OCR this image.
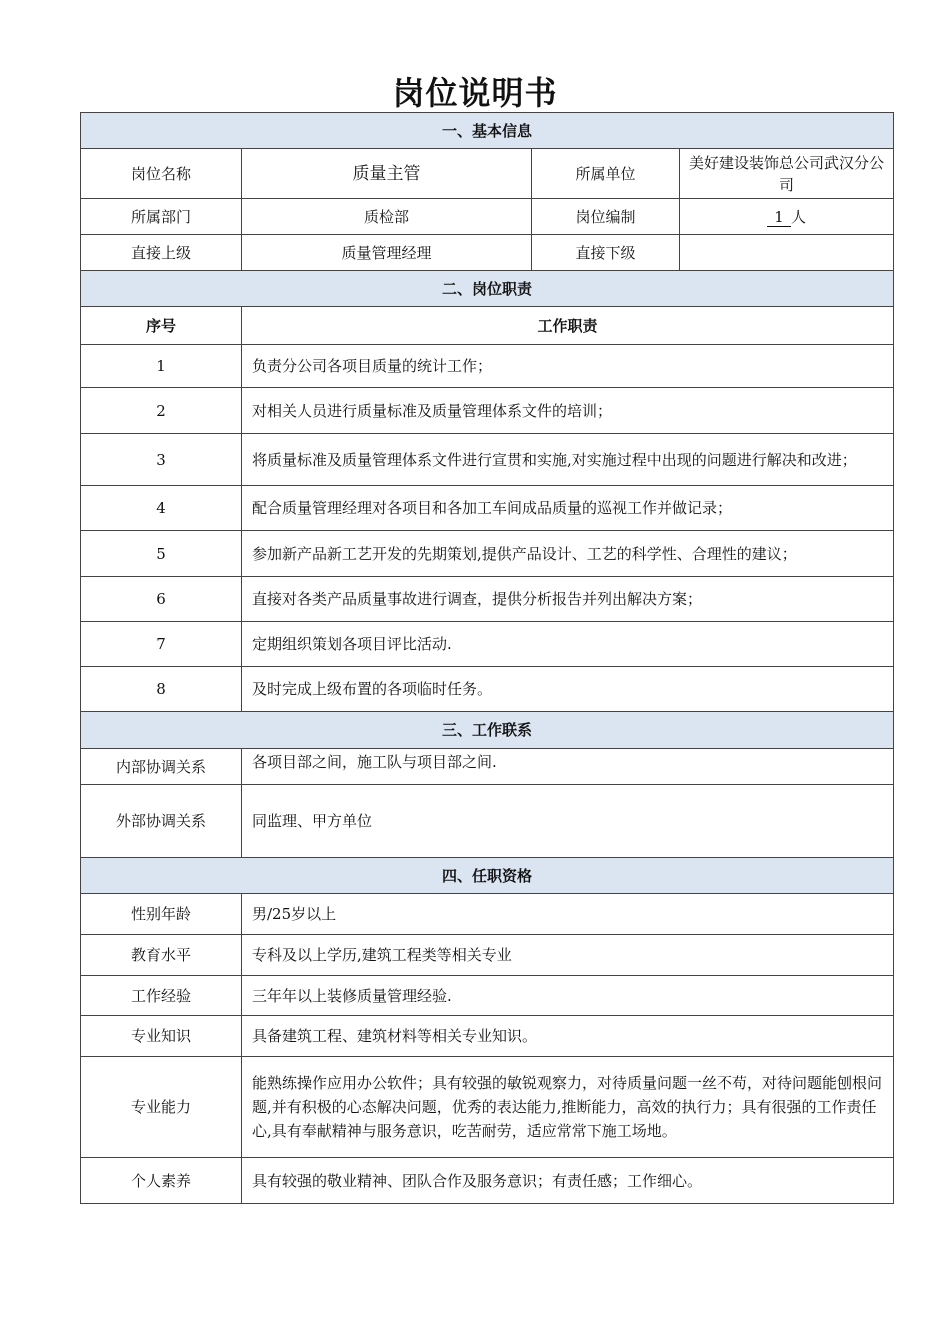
岗位说明书
一、基本信息			
岗位名称	质量主管	所属单位	美好建设装饰总公司武汉分公司
所属部门	质检部	岗位编制	1 人
直接上级	质量管理经理	直接下级	
二、岗位职责			
序号	工作职责		
1	负责分公司各项目质量的统计工作；		
2	对相关人员进行质量标准及质量管理体系文件的培训；		
3	将质量标准及质量管理体系文件进行宣贯和实施,对实施过程中出现的问题进行解决和改进；		
4	配合质量管理经理对各项目和各加工车间成品质量的巡视工作并做记录；		
5	参加新产品新工艺开发的先期策划,提供产品设计、工艺的科学性、合理性的建议；		
6	直接对各类产品质量事故进行调查，提供分析报告并列出解决方案；		
7	定期组织策划各项目评比活动.		
8	及时完成上级布置的各项临时任务。		
三、工作联系			
内部协调关系	各项目部之间，施工队与项目部之间.		
外部协调关系	同监理、甲方单位		
四、任职资格			
性别年龄	男/25岁以上		
教育水平	专科及以上学历,建筑工程类等相关专业		
工作经验	三年年以上装修质量管理经验.		
专业知识	具备建筑工程、建筑材料等相关专业知识。		
专业能力	能熟练操作应用办公软件；具有较强的敏锐观察力，对待质量问题一丝不苟，对待问题能刨根问题,并有积极的心态解决问题，优秀的表达能力,推断能力，高效的执行力；具有很强的工作责任心,具有奉献精神与服务意识，吃苦耐劳，适应常常下施工场地。		
个人素养	具有较强的敬业精神、团队合作及服务意识；有责任感；工作细心。		
